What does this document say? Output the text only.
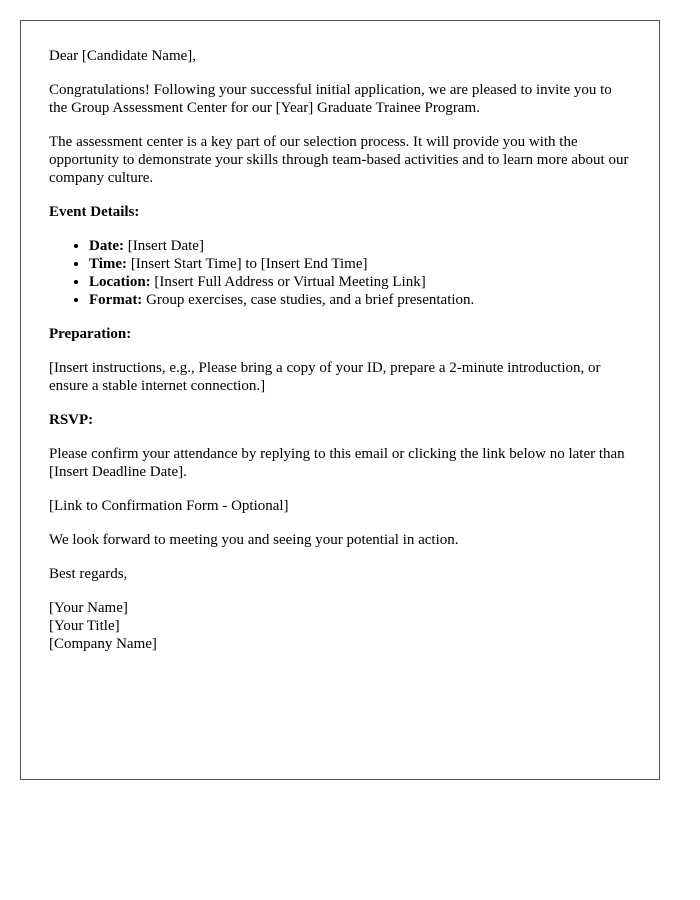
Dear [Candidate Name],

Congratulations! Following your successful initial application, we are pleased to invite you to the Group Assessment Center for our [Year] Graduate Trainee Program.

The assessment center is a key part of our selection process. It will provide you with the opportunity to demonstrate your skills through team-based activities and to learn more about our company culture.

Event Details:
• Date: [Insert Date]
• Time: [Insert Start Time] to [Insert End Time]
• Location: [Insert Full Address or Virtual Meeting Link]
• Format: Group exercises, case studies, and a brief presentation.
Preparation:

[Insert instructions, e.g., Please bring a copy of your ID, prepare a 2-minute introduction, or ensure a stable internet connection.]

RSVP:

Please confirm your attendance by replying to this email or clicking the link below no later than [Insert Deadline Date].

[Link to Confirmation Form - Optional]

We look forward to meeting you and seeing your potential in action.

Best regards,

[Your Name]
[Your Title]
[Company Name]
